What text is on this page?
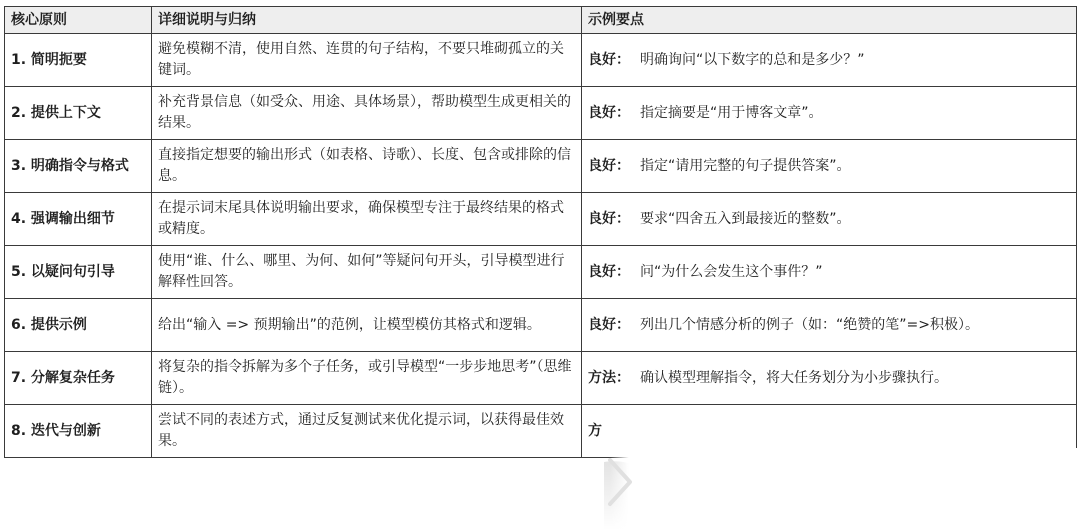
核心原则	详细说明与归纳	示例要点
1. 简明扼要	避免模糊不清，使用自然、连贯的句子结构，不要只堆砌孤立的关键词。	良好： 明确询问“以下数字的总和是多少？”
2. 提供上下文	补充背景信息（如受众、用途、具体场景），帮助模型生成更相关的结果。	良好： 指定摘要是“用于博客文章”。
3. 明确指令与格式	直接指定想要的输出形式（如表格、诗歌）、长度、包含或排除的信息。	良好： 指定“请用完整的句子提供答案”。
4. 强调输出细节	在提示词末尾具体说明输出要求，确保模型专注于最终结果的格式或精度。	良好： 要求“四舍五入到最接近的整数”。
5. 以疑问句引导	使用“谁、什么、哪里、为何、如何”等疑问句开头，引导模型进行解释性回答。	良好： 问“为什么会发生这个事件？”
6. 提供示例	给出“输入 => 预期输出”的范例，让模型模仿其格式和逻辑。	良好： 列出几个情感分析的例子（如：“绝赞的笔”=>积极）。
7. 分解复杂任务	将复杂的指令拆解为多个子任务，或引导模型“一步步地思考”（思维链）。	方法： 确认模型理解指令，将大任务划分为小步骤执行。
8. 迭代与创新	尝试不同的表述方式，通过反复测试来优化提示词，以获得最佳效果。	方
